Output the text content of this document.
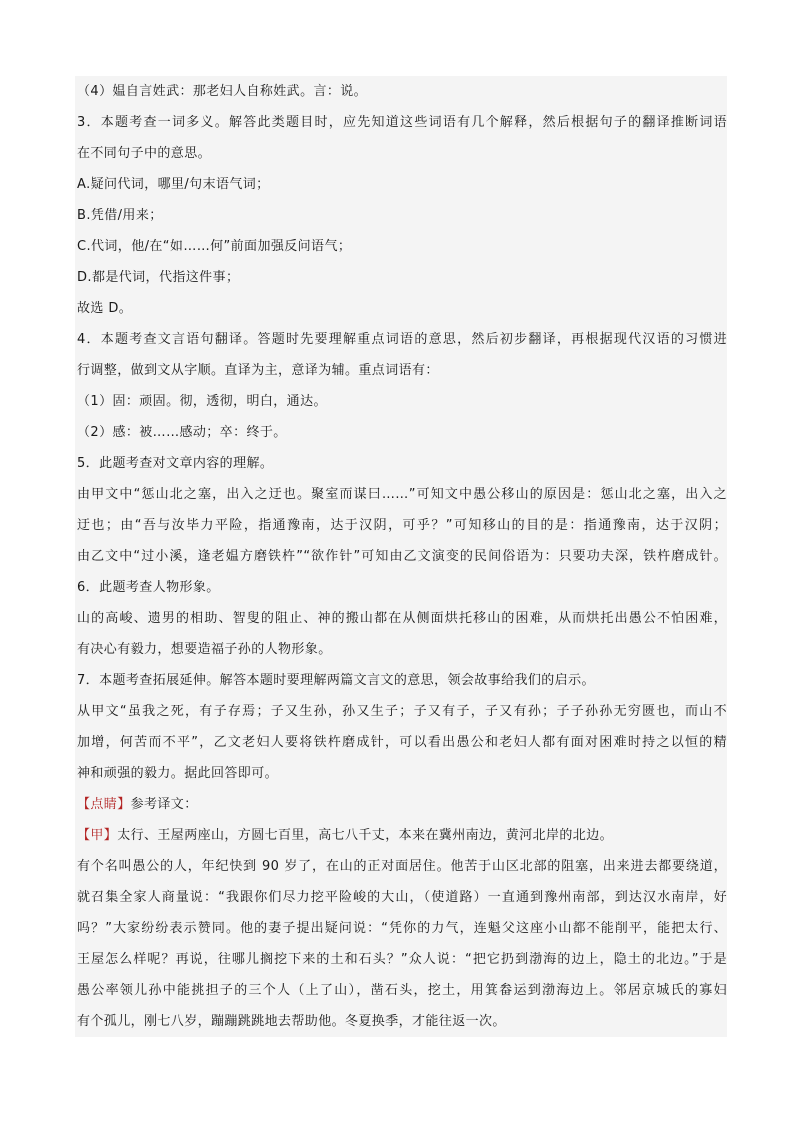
（4）媪自言姓武：那老妇人自称姓武。言：说。
3．本题考查一词多义。解答此类题目时，应先知道这些词语有几个解释，然后根据句子的翻译推断词语
在不同句子中的意思。
A.疑问代词，哪里/句末语气词；
B.凭借/用来；
C.代词，他/在“如……何”前面加强反问语气；
D.都是代词，代指这件事；
故选 D。
4．本题考查文言语句翻译。答题时先要理解重点词语的意思，然后初步翻译，再根据现代汉语的习惯进
行调整，做到文从字顺。直译为主，意译为辅。重点词语有：
（1）固：顽固。彻，透彻，明白，通达。
（2）感：被……感动；卒：终于。
5．此题考查对文章内容的理解。
由甲文中“惩山北之塞，出入之迂也。聚室而谋曰……”可知文中愚公移山的原因是：惩山北之塞，出入之
迂也；由“吾与汝毕力平险，指通豫南，达于汉阴，可乎？”可知移山的目的是：指通豫南，达于汉阴；
由乙文中“过小溪，逢老媪方磨铁杵”“欲作针”可知由乙文演变的民间俗语为：只要功夫深，铁杵磨成针。
6．此题考查人物形象。
山的高峻、遗男的相助、智叟的阻止、神的搬山都在从侧面烘托移山的困难，从而烘托出愚公不怕困难，
有决心有毅力，想要造福子孙的人物形象。
7．本题考查拓展延伸。解答本题时要理解两篇文言文的意思，领会故事给我们的启示。
从甲文“虽我之死，有子存焉；子又生孙，孙又生子；子又有子，子又有孙；子子孙孙无穷匮也，而山不
加增，何苦而不平”，乙文老妇人要将铁杵磨成针，可以看出愚公和老妇人都有面对困难时持之以恒的精
神和顽强的毅力。据此回答即可。
【点睛】参考译文：
【甲】太行、王屋两座山，方圆七百里，高七八千丈，本来在冀州南边，黄河北岸的北边。
有个名叫愚公的人，年纪快到 90 岁了，在山的正对面居住。他苦于山区北部的阻塞，出来进去都要绕道，
就召集全家人商量说：“我跟你们尽力挖平险峻的大山，（使道路）一直通到豫州南部，到达汉水南岸，好
吗？”大家纷纷表示赞同。他的妻子提出疑问说：“凭你的力气，连魁父这座小山都不能削平，能把太行、
王屋怎么样呢？再说，往哪儿搁挖下来的土和石头？”众人说：“把它扔到渤海的边上，隐土的北边。”于是
愚公率领儿孙中能挑担子的三个人（上了山），凿石头，挖土，用箕畚运到渤海边上。邻居京城氏的寡妇
有个孤儿，刚七八岁，蹦蹦跳跳地去帮助他。冬夏换季，才能往返一次。
